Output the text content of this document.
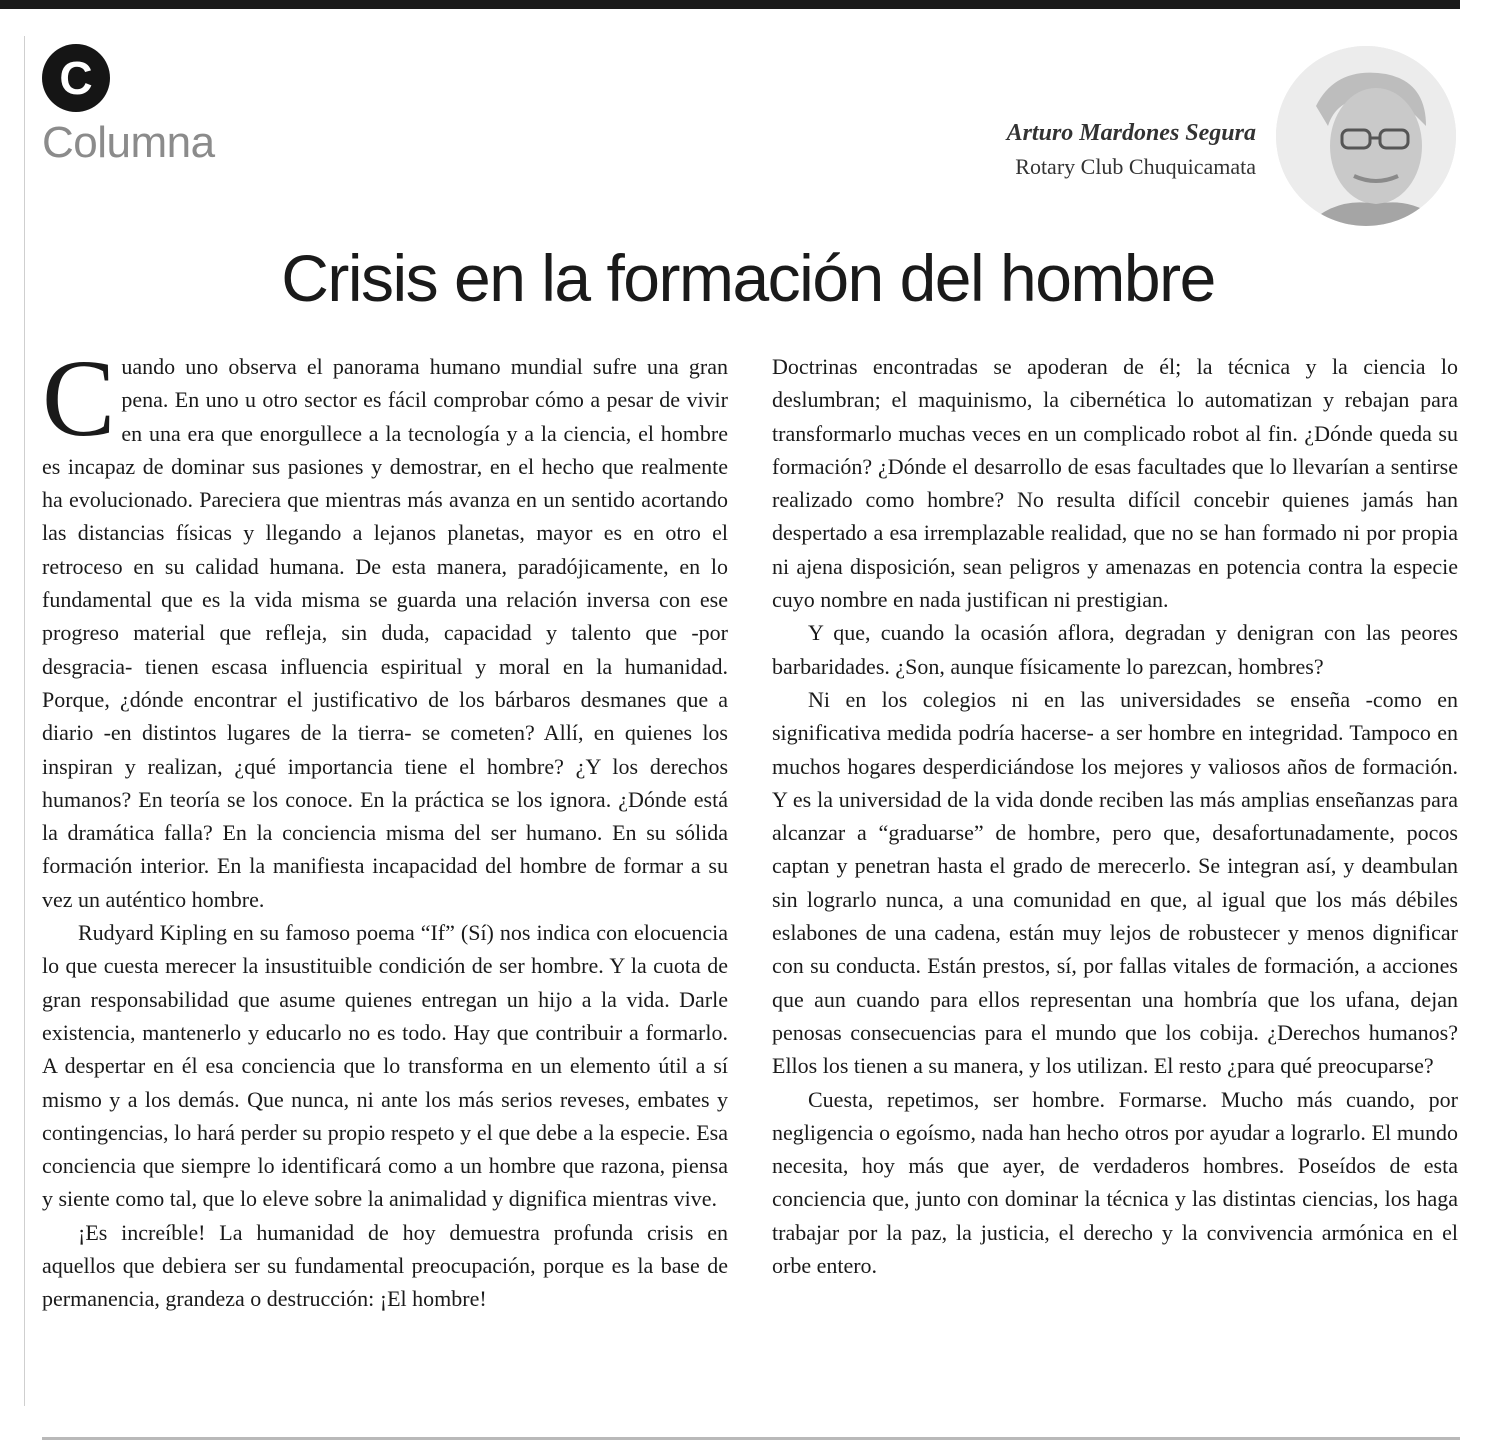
C
Columna	Arturo Mardones Segura
Rotary Club Chuquicamata
Crisis en la formación del hombre

Cuando uno observa el panorama humano mundial sufre una gran pena. En uno u otro sector es fácil comprobar cómo a pesar de vivir en una era que enorgullece a la tecnología y a la ciencia, el hombre es incapaz de dominar sus pasiones y demostrar, en el hecho que realmente ha evolucionado. Pareciera que mientras más avanza en un sentido acortando las distancias físicas y llegando a lejanos planetas, mayor es en otro el retroceso en su calidad humana. De esta manera, paradójicamente, en lo fundamental que es la vida misma se guarda una relación inversa con ese progreso material que refleja, sin duda, capacidad y talento que -por desgracia- tienen escasa influencia espiritual y moral en la humanidad. Porque, ¿dónde encontrar el justificativo de los bárbaros desmanes que a diario -en distintos lugares de la tierra- se cometen? Allí, en quienes los inspiran y realizan, ¿qué importancia tiene el hombre? ¿Y los derechos humanos? En teoría se los conoce. En la práctica se los ignora. ¿Dónde está la dramática falla? En la conciencia misma del ser humano. En su sólida formación interior. En la manifiesta incapacidad del hombre de formar a su vez un auténtico hombre.

Rudyard Kipling en su famoso poema “If” (Sí) nos indica con elocuencia lo que cuesta merecer la insustituible condición de ser hombre. Y la cuota de gran responsabilidad que asume quienes entregan un hijo a la vida. Darle existencia, mantenerlo y educarlo no es todo. Hay que contribuir a formarlo. A despertar en él esa conciencia que lo transforma en un elemento útil a sí mismo y a los demás. Que nunca, ni ante los más serios reveses, embates y contingencias, lo hará perder su propio respeto y el que debe a la especie. Esa conciencia que siempre lo identificará como a un hombre que razona, piensa y siente como tal, que lo eleve sobre la animalidad y dignifica mientras vive.

¡Es increíble! La humanidad de hoy demuestra profunda crisis en aquellos que debiera ser su fundamental preocupación, porque es la base de permanencia, grandeza o destrucción: ¡El hombre!

Doctrinas encontradas se apoderan de él; la técnica y la ciencia lo deslumbran; el maquinismo, la cibernética lo automatizan y rebajan para transformarlo muchas veces en un complicado robot al fin. ¿Dónde queda su formación? ¿Dónde el desarrollo de esas facultades que lo llevarían a sentirse realizado como hombre? No resulta difícil concebir quienes jamás han despertado a esa irremplazable realidad, que no se han formado ni por propia ni ajena disposición, sean peligros y amenazas en potencia contra la especie cuyo nombre en nada justifican ni prestigian.

Y que, cuando la ocasión aflora, degradan y denigran con las peores barbaridades. ¿Son, aunque físicamente lo parezcan, hombres?

Ni en los colegios ni en las universidades se enseña -como en significativa medida podría hacerse- a ser hombre en integridad. Tampoco en muchos hogares desperdiciándose los mejores y valiosos años de formación. Y es la universidad de la vida donde reciben las más amplias enseñanzas para alcanzar a “graduarse” de hombre, pero que, desafortunadamente, pocos captan y penetran hasta el grado de merecerlo. Se integran así, y deambulan sin lograrlo nunca, a una comunidad en que, al igual que los más débiles eslabones de una cadena, están muy lejos de robustecer y menos dignificar con su conducta. Están prestos, sí, por fallas vitales de formación, a acciones que aun cuando para ellos representan una hombría que los ufana, dejan penosas consecuencias para el mundo que los cobija. ¿Derechos humanos? Ellos los tienen a su manera, y los utilizan. El resto ¿para qué preocuparse?

Cuesta, repetimos, ser hombre. Formarse. Mucho más cuando, por negligencia o egoísmo, nada han hecho otros por ayudar a lograrlo. El mundo necesita, hoy más que ayer, de verdaderos hombres. Poseídos de esta conciencia que, junto con dominar la técnica y las distintas ciencias, los haga trabajar por la paz, la justicia, el derecho y la convivencia armónica en el orbe entero.
